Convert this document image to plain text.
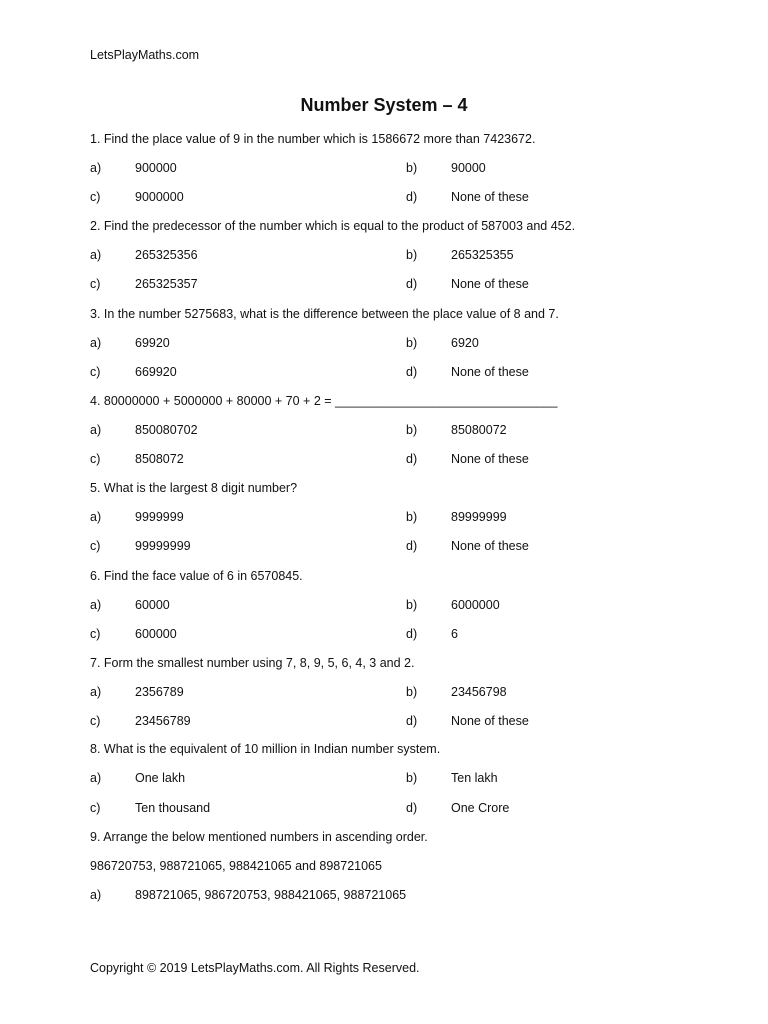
LetsPlayMaths.com
Number System – 4
1. Find the place value of 9 in the number which is 1586672 more than 7423672.
a)	900000	b)	90000
c)	9000000	d)	None of these
2. Find the predecessor of the number which is equal to the product of 587003 and 452.
a)	265325356	b)	265325355
c)	265325357	d)	None of these
3. In the number 5275683, what is the difference between the place value of 8 and 7.
a)	69920	b)	6920
c)	669920	d)	None of these
4. 80000000 + 5000000 + 80000 + 70 + 2 = ________________________________
a)	850080702	b)	85080072
c)	8508072	d)	None of these
5. What is the largest 8 digit number?
a)	9999999	b)	89999999
c)	99999999	d)	None of these
6. Find the face value of 6 in 6570845.
a)	60000	b)	6000000
c)	600000	d)	6
7. Form the smallest number using 7, 8, 9, 5, 6, 4, 3 and 2.
a)	2356789	b)	23456798
c)	23456789	d)	None of these
8. What is the equivalent of 10 million in Indian number system.
a)	One lakh	b)	Ten lakh
c)	Ten thousand	d)	One Crore
9. Arrange the below mentioned numbers in ascending order.
986720753, 988721065, 988421065 and 898721065
a)	898721065, 986720753, 988421065, 988721065
Copyright © 2019 LetsPlayMaths.com. All Rights Reserved.
